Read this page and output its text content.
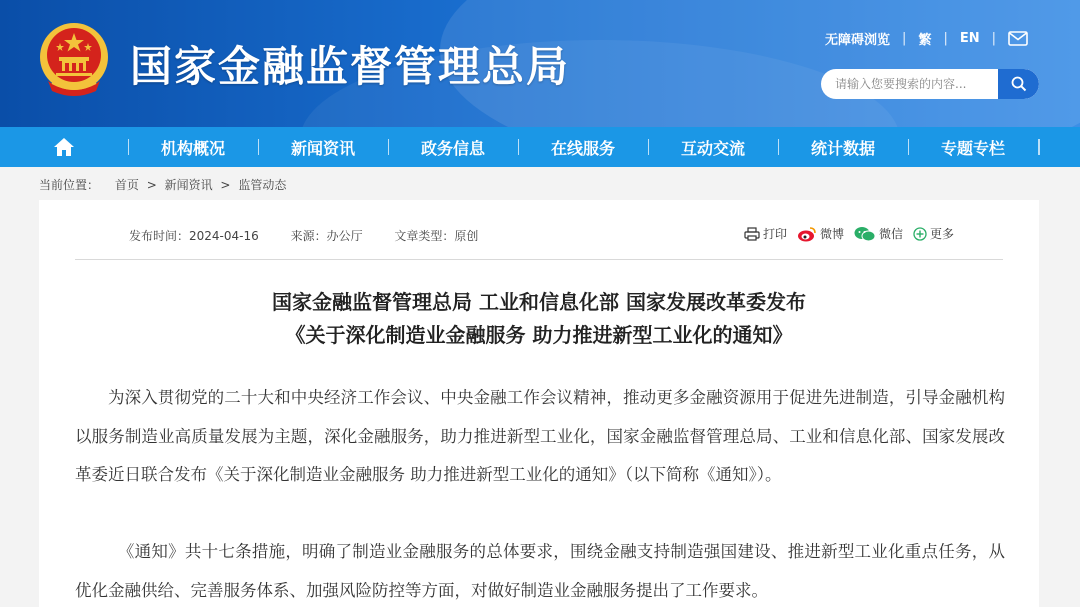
国家金融监督管理总局
无障碍浏览 | 繁 | EN |
请输入您要搜索的内容...
机构概况	新闻资讯	政务信息	在线服务	互动交流	统计数据	专题专栏
当前位置： 首页 > 新闻资讯 > 监管动态
发布时间：2024-04-16	来源：办公厅	文章类型：原创	打印	微博	微信 更多
国家金融监督管理总局 工业和信息化部 国家发展改革委发布
《关于深化制造业金融服务 助力推进新型工业化的通知》

为深入贯彻党的二十大和中央经济工作会议、中央金融工作会议精神，推动更多金融资源用于促进先进制造，引导金融机构以服务制造业高质量发展为主题，深化金融服务，助力推进新型工业化，国家金融监督管理总局、工业和信息化部、国家发展改革委近日联合发布《关于深化制造业金融服务 助力推进新型工业化的通知》（以下简称《通知》）。

《通知》共十七条措施，明确了制造业金融服务的总体要求，围绕金融支持制造强国建设、推进新型工业化重点任务，从优化金融供给、完善服务体系、加强风险防控等方面，对做好制造业金融服务提出了工作要求。
